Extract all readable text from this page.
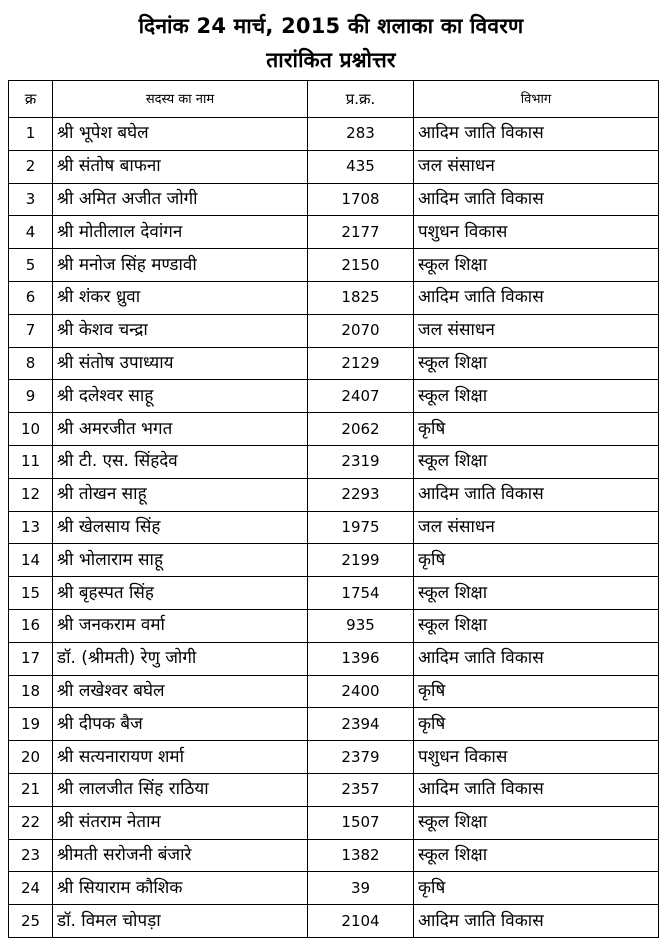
दिनांक 24 मार्च, 2015 की शलाका का विवरण
तारांकित प्रश्नोत्तर
क्र	सदस्य का नाम	प्र.क्र.	विभाग
1	श्री भूपेश बघेल	283	आदिम जाति विकास
2	श्री संतोष बाफना	435	जल संसाधन
3	श्री अमित अजीत जोगी	1708	आदिम जाति विकास
4	श्री मोतीलाल देवांगन	2177	पशुधन विकास
5	श्री मनोज सिंह मण्डावी	2150	स्कूल शिक्षा
6	श्री शंकर ध्रुवा	1825	आदिम जाति विकास
7	श्री केशव चन्द्रा	2070	जल संसाधन
8	श्री संतोष उपाध्याय	2129	स्कूल शिक्षा
9	श्री दलेश्वर साहू	2407	स्कूल शिक्षा
10	श्री अमरजीत भगत	2062	कृषि
11	श्री टी. एस. सिंहदेव	2319	स्कूल शिक्षा
12	श्री तोखन साहू	2293	आदिम जाति विकास
13	श्री खेलसाय सिंह	1975	जल संसाधन
14	श्री भोलाराम साहू	2199	कृषि
15	श्री बृहस्पत सिंह	1754	स्कूल शिक्षा
16	श्री जनकराम वर्मा	935	स्कूल शिक्षा
17	डॉ. (श्रीमती) रेणु जोगी	1396	आदिम जाति विकास
18	श्री लखेश्वर बघेल	2400	कृषि
19	श्री दीपक बैज	2394	कृषि
20	श्री सत्यनारायण शर्मा	2379	पशुधन विकास
21	श्री लालजीत सिंह राठिया	2357	आदिम जाति विकास
22	श्री संतराम नेताम	1507	स्कूल शिक्षा
23	श्रीमती सरोजनी बंजारे	1382	स्कूल शिक्षा
24	श्री सियाराम कौशिक	39	कृषि
25	डॉ. विमल चोपड़ा	2104	आदिम जाति विकास
